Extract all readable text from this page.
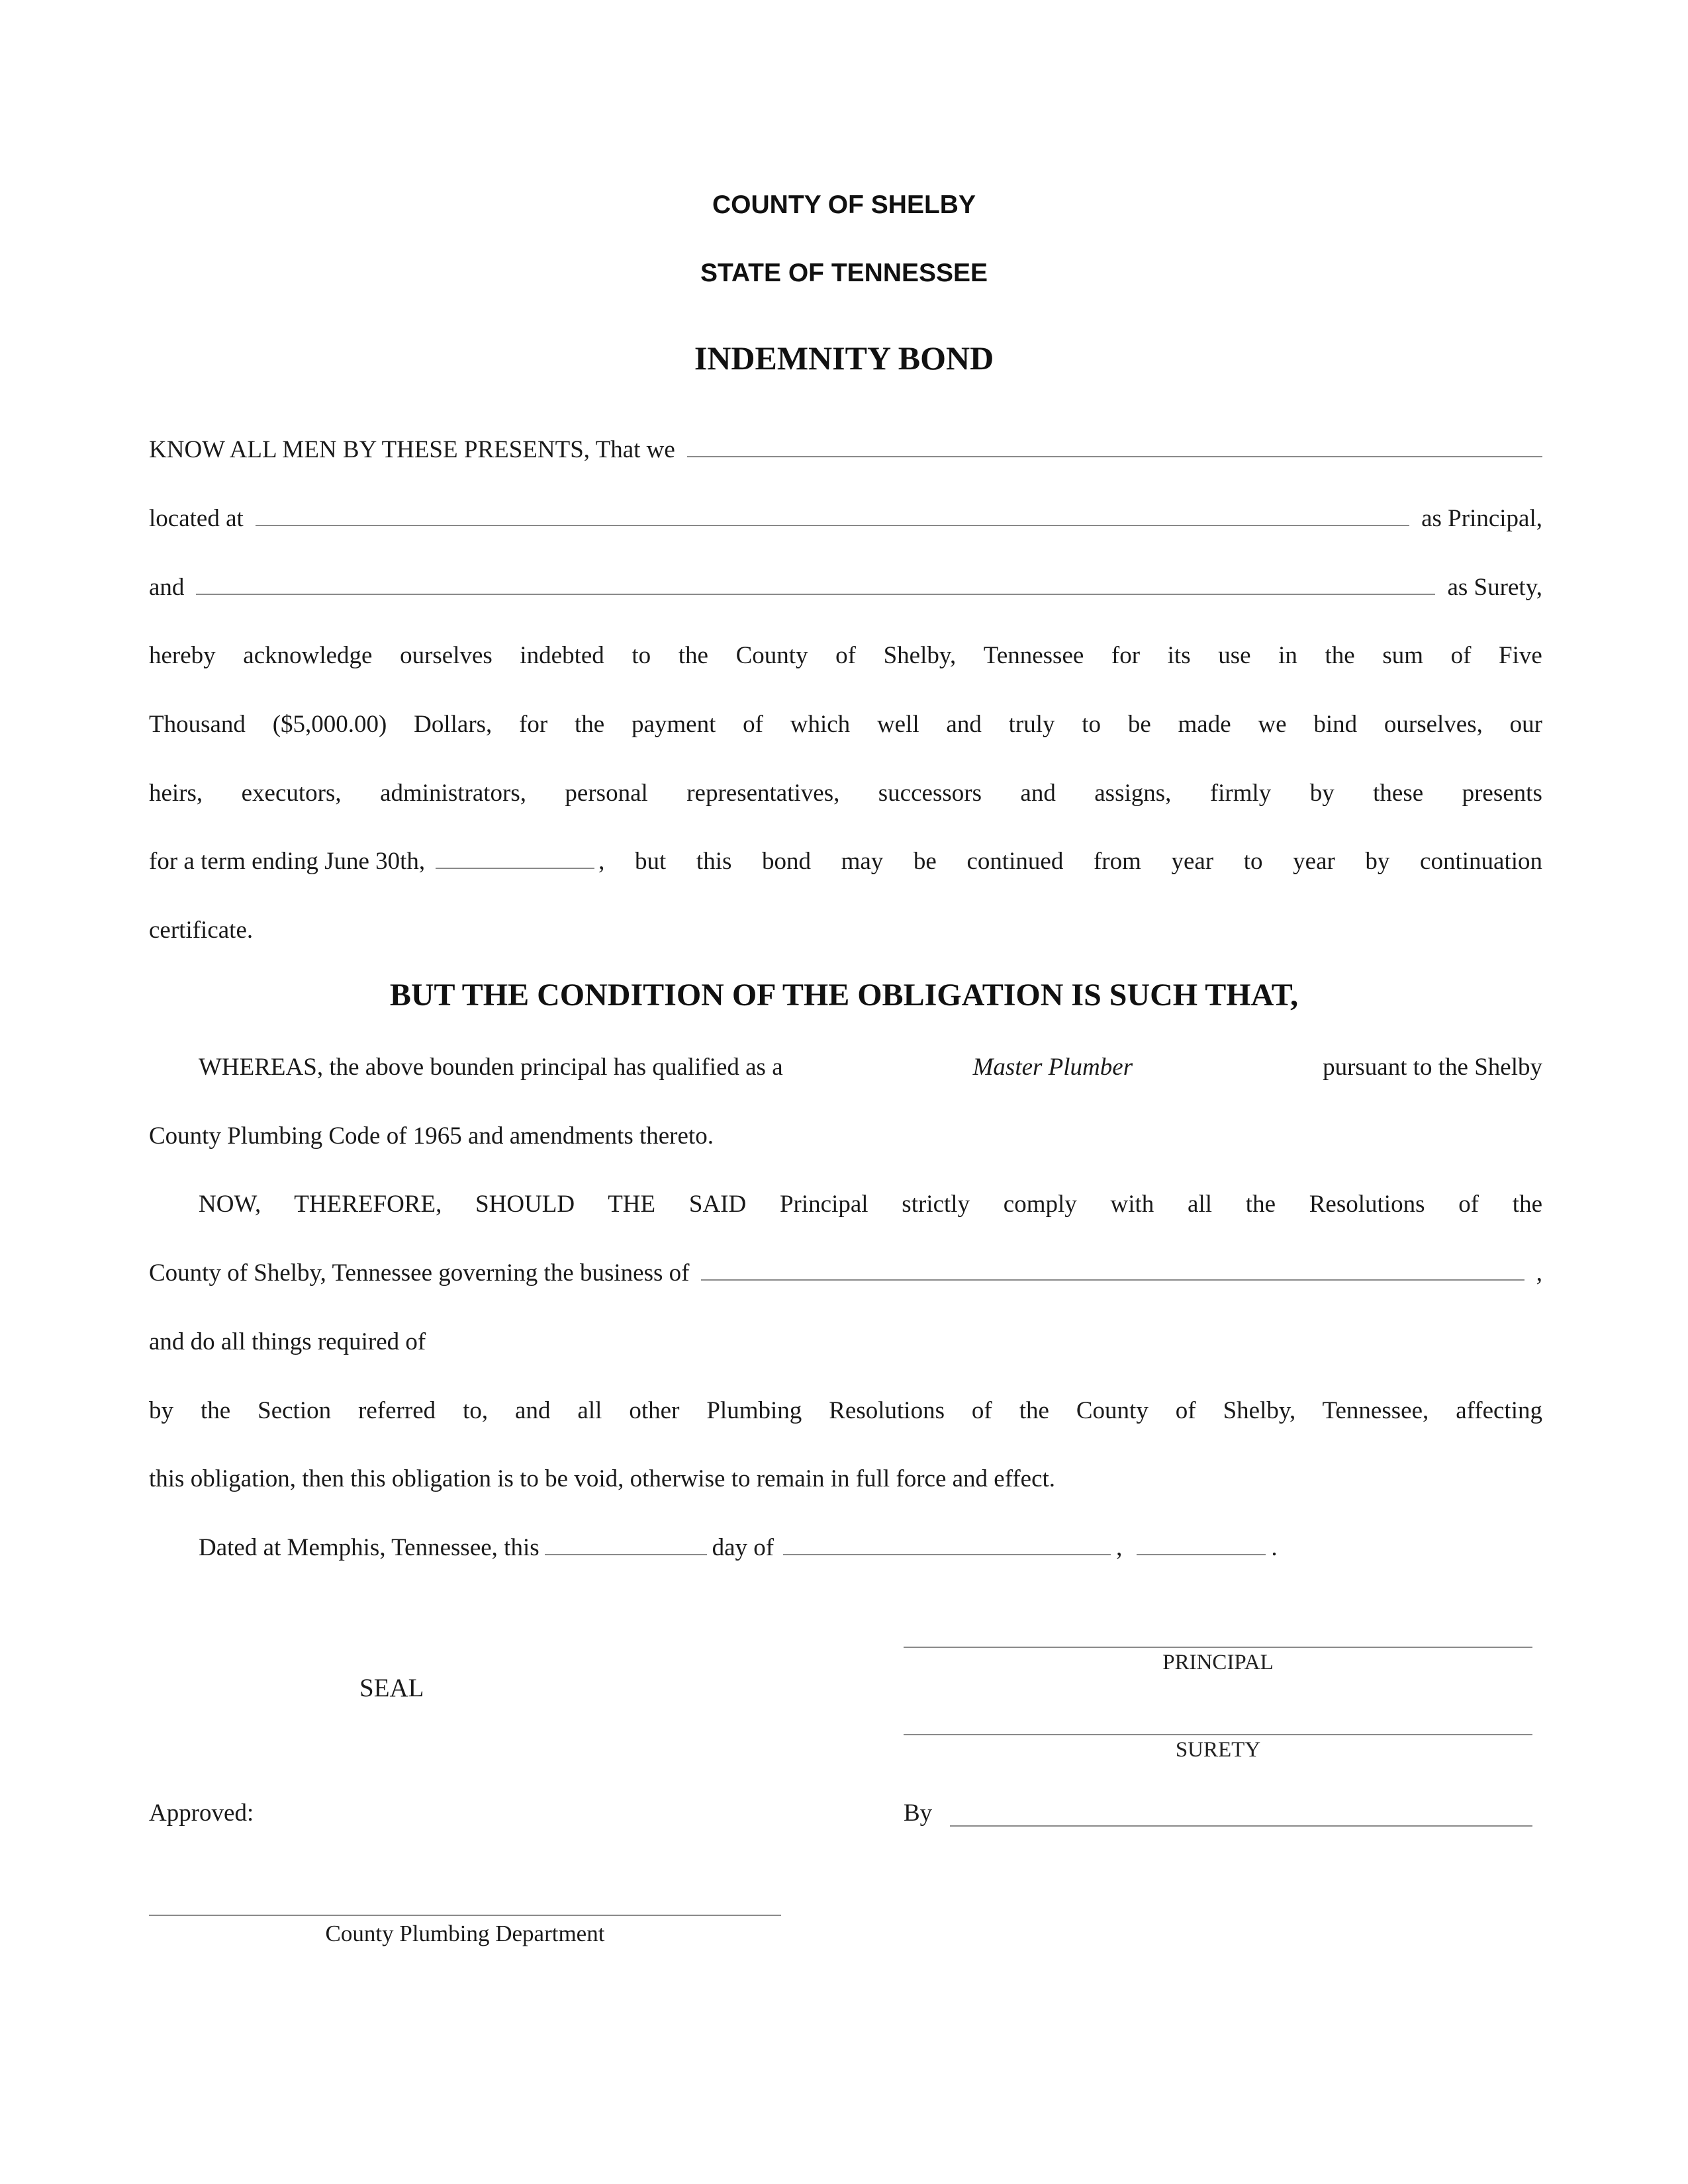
COUNTY OF SHELBY
STATE OF TENNESSEE
INDEMNITY BOND
KNOW ALL MEN BY THESE PRESENTS, That we
located at	as Principal,
and	as Surety,
hereby acknowledge ourselves indebted to the County of Shelby, Tennessee for its use in the sum of Five
Thousand ($5,000.00) Dollars, for the payment of which well and truly to be made we bind ourselves, our
heirs, executors, administrators, personal representatives, successors and assigns, firmly by these presents
for a term ending June 30th,	, but this bond may be continued from year to year by continuation
certificate.
BUT THE CONDITION OF THE OBLIGATION IS SUCH THAT,
WHEREAS, the above bounden principal has qualified as a	Master Plumber	pursuant to the Shelby
County Plumbing Code of 1965 and amendments thereto.
NOW, THEREFORE, SHOULD THE SAID Principal strictly comply with all the Resolutions of the
County of Shelby, Tennessee governing the business of	,
and do all things required of
by the Section referred to, and all other Plumbing Resolutions of the County of Shelby, Tennessee, affecting
this obligation, then this obligation is to be void, otherwise to remain in full force and effect.
Dated at Memphis, Tennessee, this	day of	,	.
PRINCIPAL
SEAL
SURETY
Approved:	By
County Plumbing Department
